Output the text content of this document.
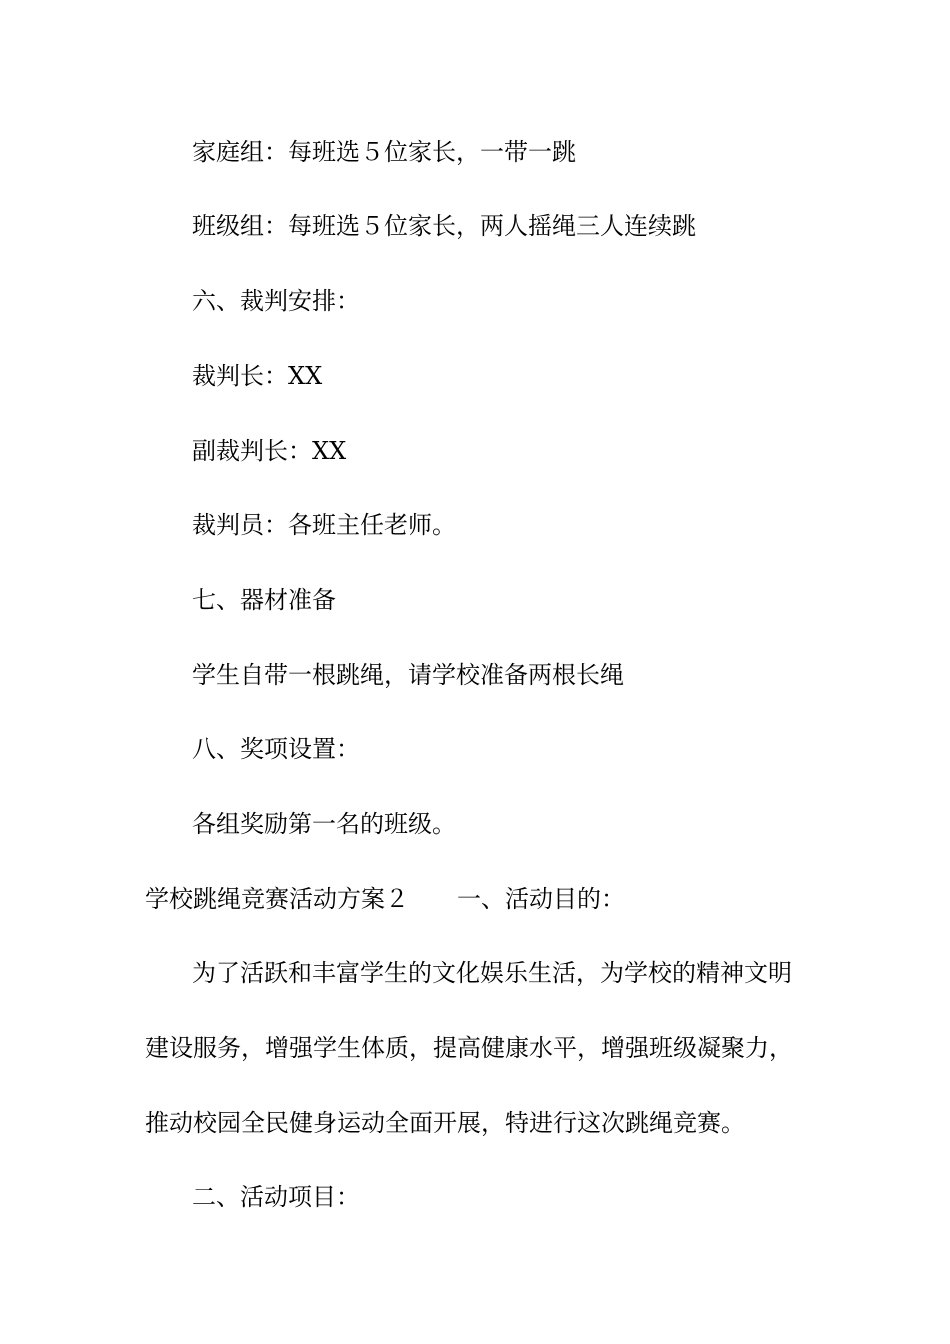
家庭组：每班选５位家长，一带一跳

班级组：每班选５位家长，两人摇绳三人连续跳

六、裁判安排：

裁判长：XX

副裁判长：XX

裁判员：各班主任老师。

七、器材准备

学生自带一根跳绳，请学校准备两根长绳

八、奖项设置：

各组奖励第一名的班级。

学校跳绳竞赛活动方案２ 一、活动目的：

为了活跃和丰富学生的文化娱乐生活，为学校的精神文明

建设服务，增强学生体质，提高健康水平，增强班级凝聚力，

推动校园全民健身运动全面开展，特进行这次跳绳竞赛。

二、活动项目：
